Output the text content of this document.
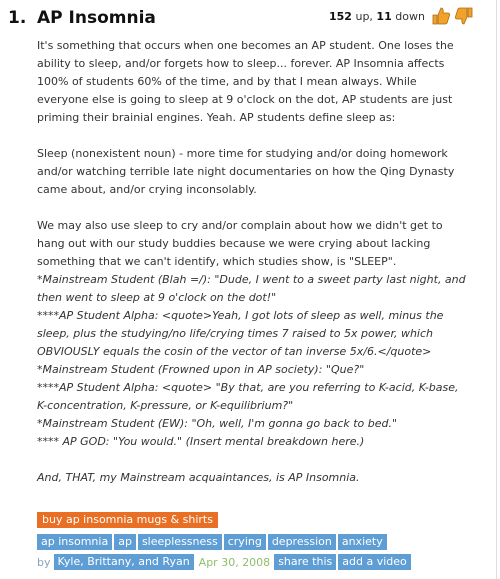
1. AP Insomnia	152 up, 11 down

It's something that occurs when one becomes an AP student. One loses the ability to sleep, and/or forgets how to sleep... forever. AP Insomnia affects 100% of students 60% of the time, and by that I mean always. While everyone else is going to sleep at 9 o'clock on the dot, AP students are just priming their brainial engines. Yeah. AP students define sleep as:

Sleep (nonexistent noun) - more time for studying and/or doing homework and/or watching terrible late night documentaries on how the Qing Dynasty came about, and/or crying inconsolably.

We may also use sleep to cry and/or complain about how we didn't get to hang out with our study buddies because we were crying about lacking something that we can't identify, which studies show, is "SLEEP".

*Mainstream Student (Blah =/): "Dude, I went to a sweet party last night, and then went to sleep at 9 o'clock on the dot!"

****AP Student Alpha: <quote>Yeah, I got lots of sleep as well, minus the sleep, plus the studying/no life/crying times 7 raised to 5x power, which OBVIOUSLY equals the cosin of the vector of tan inverse 5x/6.</quote>

*Mainstream Student (Frowned upon in AP society): "Que?"

****AP Student Alpha: <quote> "By that, are you referring to K-acid, K-base, K-concentration, K-pressure, or K-equilibrium?"

*Mainstream Student (EW): "Oh, well, I'm gonna go back to bed."

**** AP GOD: "You would." (Insert mental breakdown here.)

And, THAT, my Mainstream acquaintances, is AP Insomnia.

buy ap insomnia mugs & shirts
ap insomnia ap sleeplessness crying depression anxiety
by Kyle, Brittany, and Ryan Apr 30, 2008 share this add a video
